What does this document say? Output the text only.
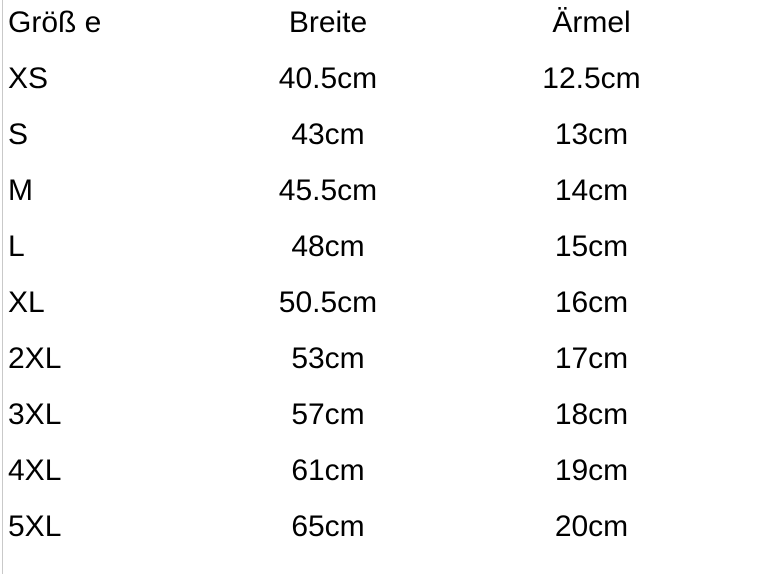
Größ e	Breite	Ärmel
XS	40.5cm	12.5cm
S	43cm	13cm
M	45.5cm	14cm
L	48cm	15cm
XL	50.5cm	16cm
2XL	53cm	17cm
3XL	57cm	18cm
4XL	61cm	19cm
5XL	65cm	20cm
